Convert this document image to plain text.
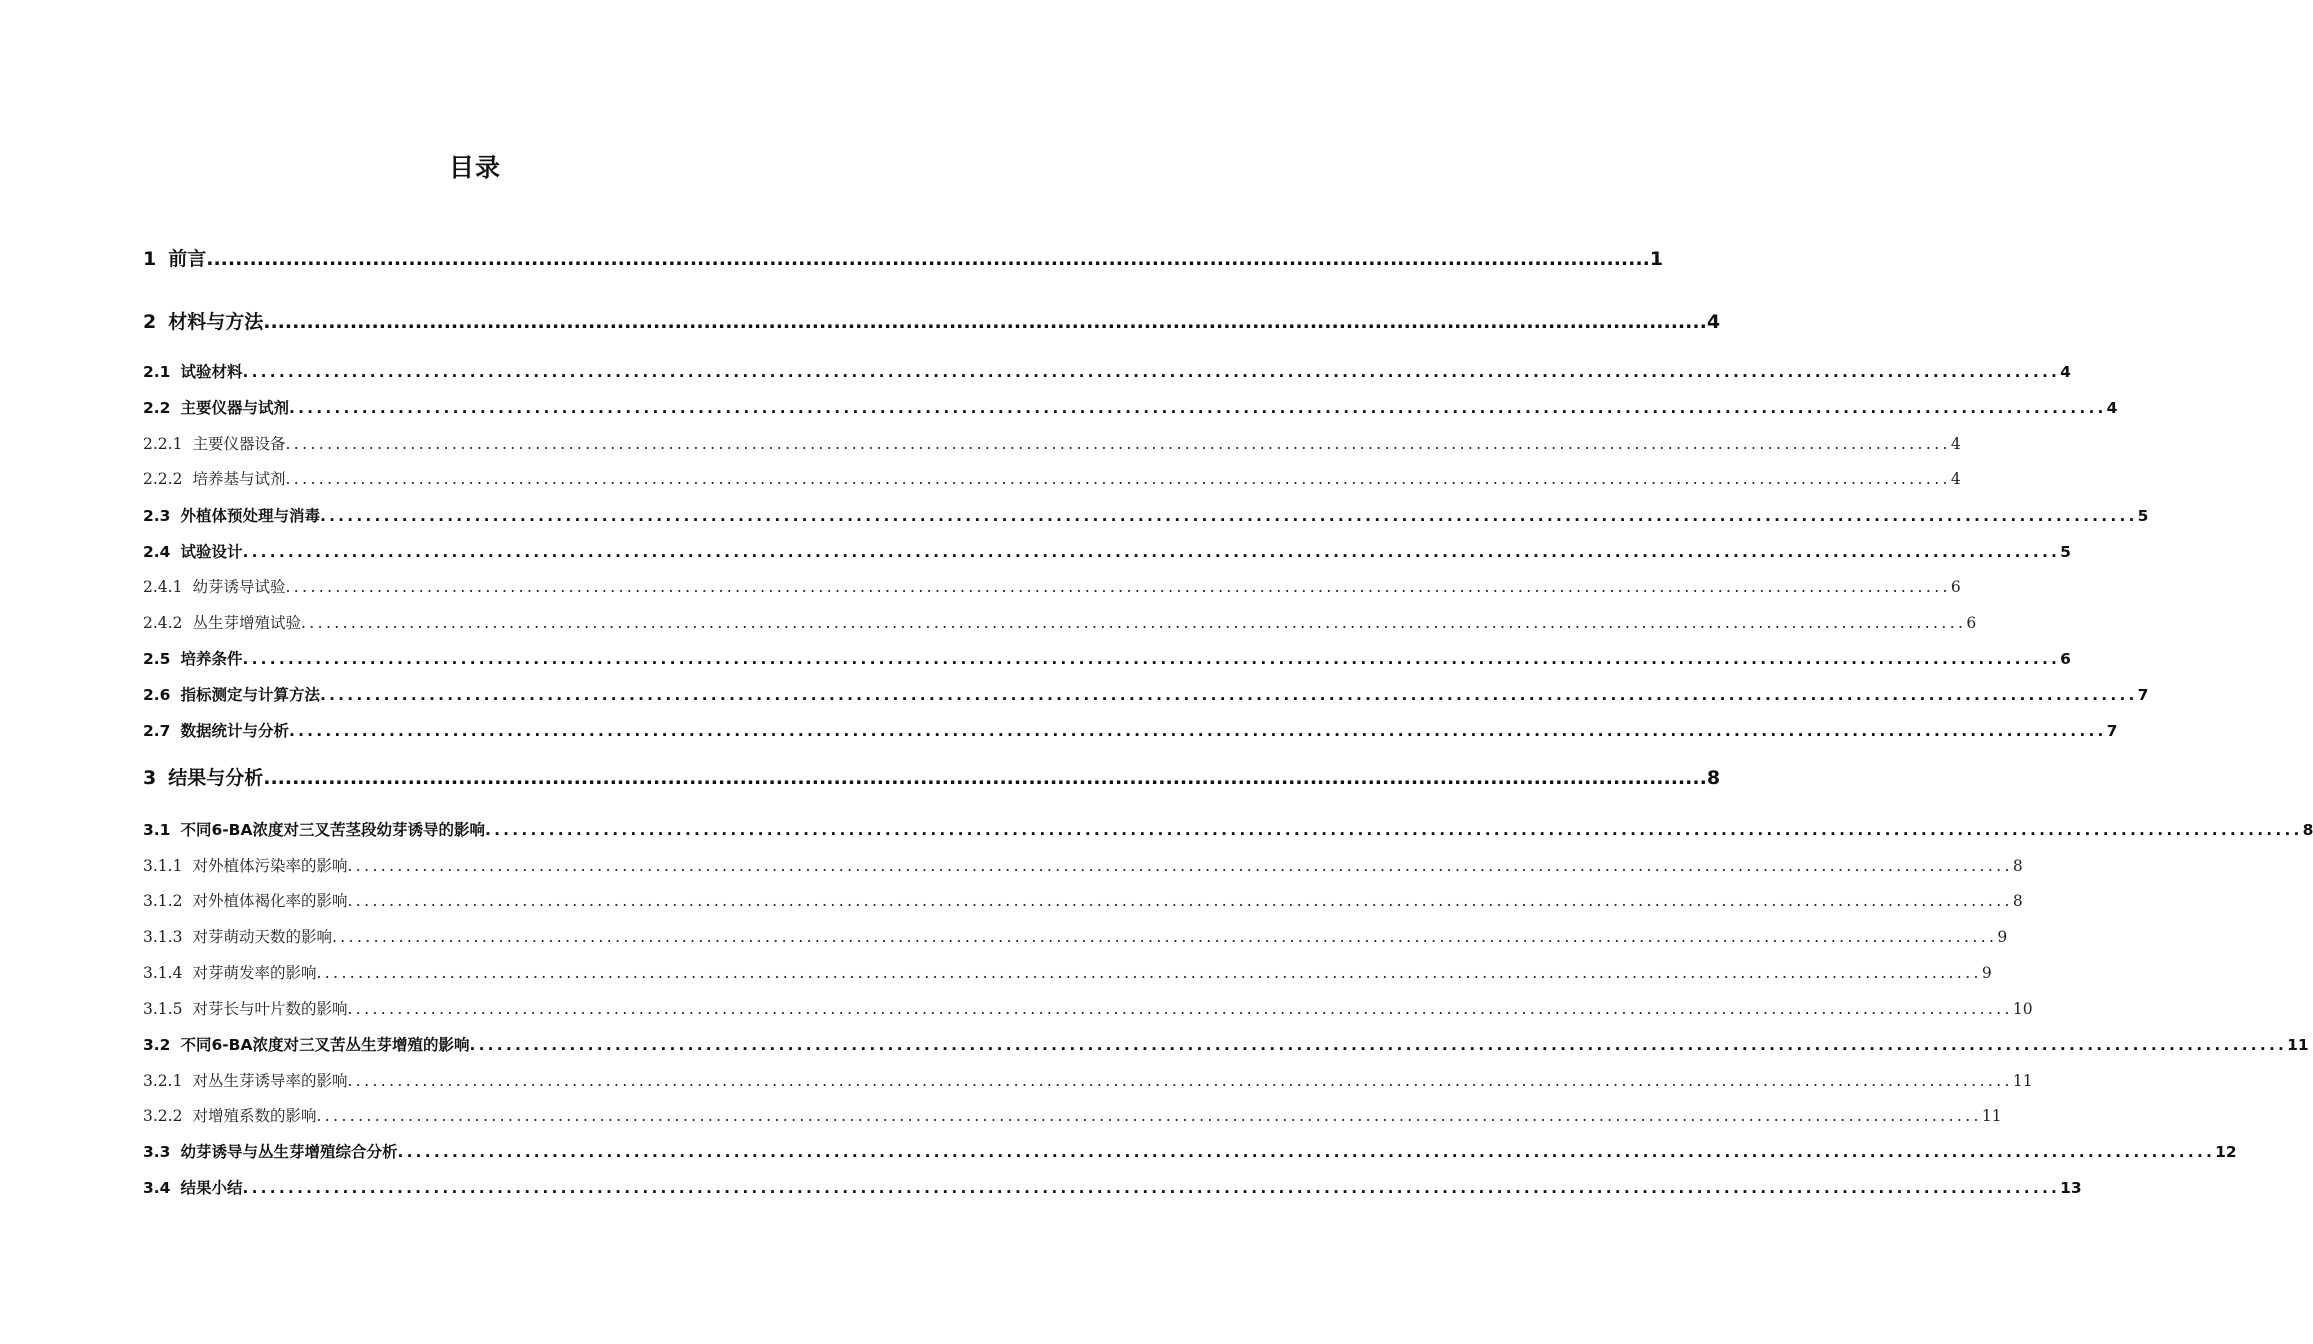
目录
1 前言 ........................................................................................................................................................................................................ 1
2 材料与方法 ........................................................................................................................................................................................................ 4
2.1 试验材料 ........................................................................................................................................................................................................ 4
2.2 主要仪器与试剂 ........................................................................................................................................................................................................ 4
2.2.1 主要仪器设备 ........................................................................................................................................................................................................ 4
2.2.2 培养基与试剂 ........................................................................................................................................................................................................ 4
2.3 外植体预处理与消毒 ........................................................................................................................................................................................................ 5
2.4 试验设计 ........................................................................................................................................................................................................ 5
2.4.1 幼芽诱导试验 ........................................................................................................................................................................................................ 6
2.4.2 丛生芽增殖试验 ........................................................................................................................................................................................................ 6
2.5 培养条件 ........................................................................................................................................................................................................ 6
2.6 指标测定与计算方法 ........................................................................................................................................................................................................ 7
2.7 数据统计与分析 ........................................................................................................................................................................................................ 7
3 结果与分析 ........................................................................................................................................................................................................ 8
3.1 不同6-BA浓度对三叉苦茎段幼芽诱导的影响 ........................................................................................................................................................................................................ 8
3.1.1 对外植体污染率的影响 ........................................................................................................................................................................................................ 8
3.1.2 对外植体褐化率的影响 ........................................................................................................................................................................................................ 8
3.1.3 对芽萌动天数的影响 ........................................................................................................................................................................................................ 9
3.1.4 对芽萌发率的影响 ........................................................................................................................................................................................................ 9
3.1.5 对芽长与叶片数的影响 ........................................................................................................................................................................................................ 10
3.2 不同6-BA浓度对三叉苦丛生芽增殖的影响 ........................................................................................................................................................................................................ 11
3.2.1 对丛生芽诱导率的影响 ........................................................................................................................................................................................................ 11
3.2.2 对增殖系数的影响 ........................................................................................................................................................................................................ 11
3.3 幼芽诱导与丛生芽增殖综合分析 ........................................................................................................................................................................................................ 12
3.4 结果小结 ........................................................................................................................................................................................................ 13
